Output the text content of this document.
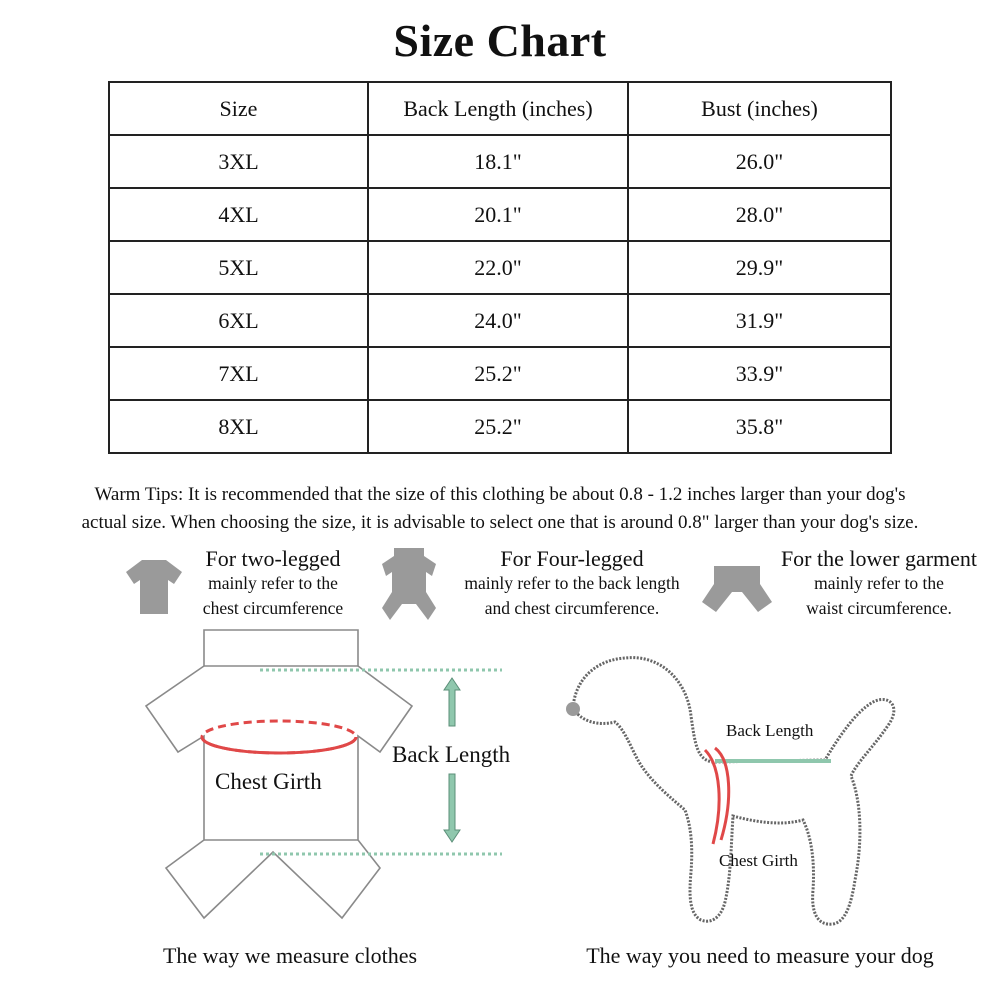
Size Chart
Size	Back Length (inches)	Bust (inches)
3XL	18.1"	26.0"
4XL	20.1"	28.0"
5XL	22.0"	29.9"
6XL	24.0"	31.9"
7XL	25.2"	33.9"
8XL	25.2"	35.8"
Warm Tips: It is recommended that the size of this clothing be about 0.8 - 1.2 inches larger than your dog's
actual size. When choosing the size, it is advisable to select one that is around 0.8" larger than your dog's size.
For two-legged
mainly refer to the
chest circumference
For Four-legged
mainly refer to the back length
and chest circumference.
For the lower garment
mainly refer to the
waist circumference.
Back Length
Chest Girth
The way we measure clothes
Back Length
Chest Girth
The way you need to measure your dog
